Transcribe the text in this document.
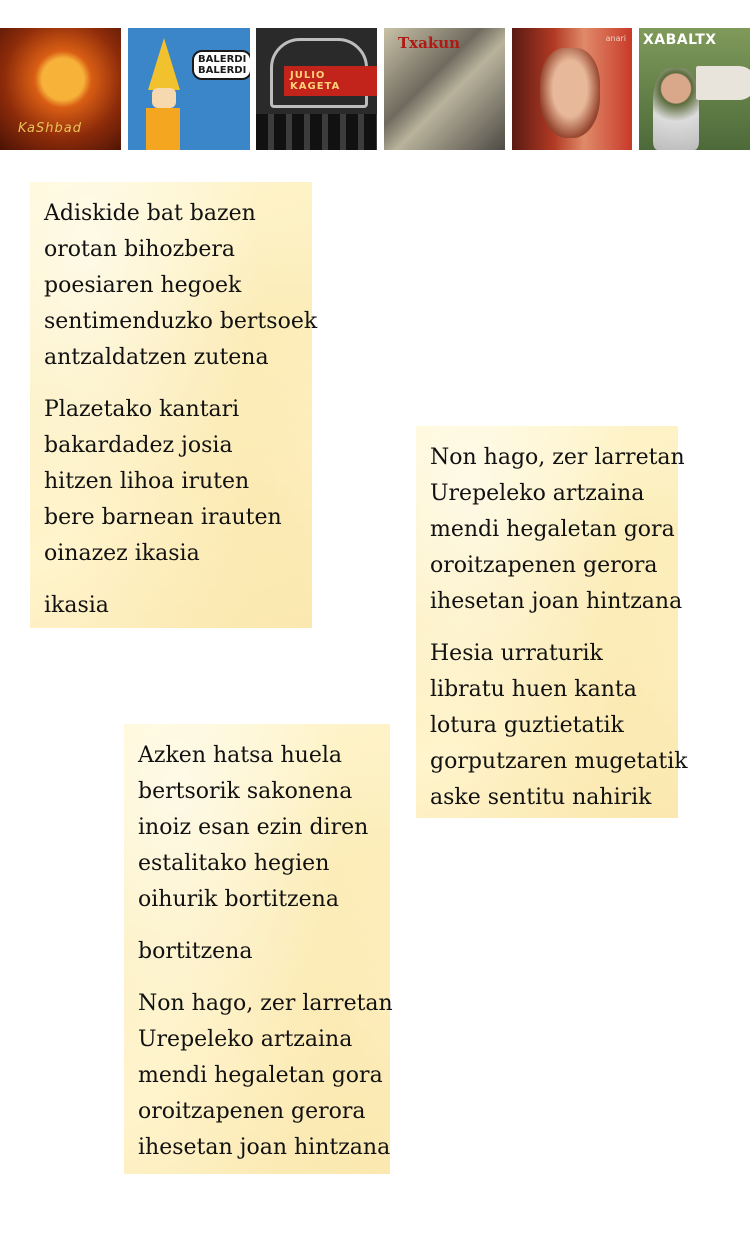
KaShbad
BALERDI BALERDI	JULIO KAGETA
Txakun	anari XABALTX
Adiskide bat bazen
orotan bihozbera
poesiaren hegoek
sentimenduzko bertsoek
antzaldatzen zutena
Plazetako kantari
bakardadez josia
hitzen lihoa iruten
bere barnean irauten
oinazez ikasia
ikasia
Non hago, zer larretan
Urepeleko artzaina
mendi hegaletan gora
oroitzapenen gerora
ihesetan joan hintzana
Hesia urraturik
libratu huen kanta
lotura guztietatik
gorputzaren mugetatik
aske sentitu nahirik
Azken hatsa huela
bertsorik sakonena
inoiz esan ezin diren
estalitako hegien
oihurik bortitzena
bortitzena
Non hago, zer larretan
Urepeleko artzaina
mendi hegaletan gora
oroitzapenen gerora
ihesetan joan hintzana
